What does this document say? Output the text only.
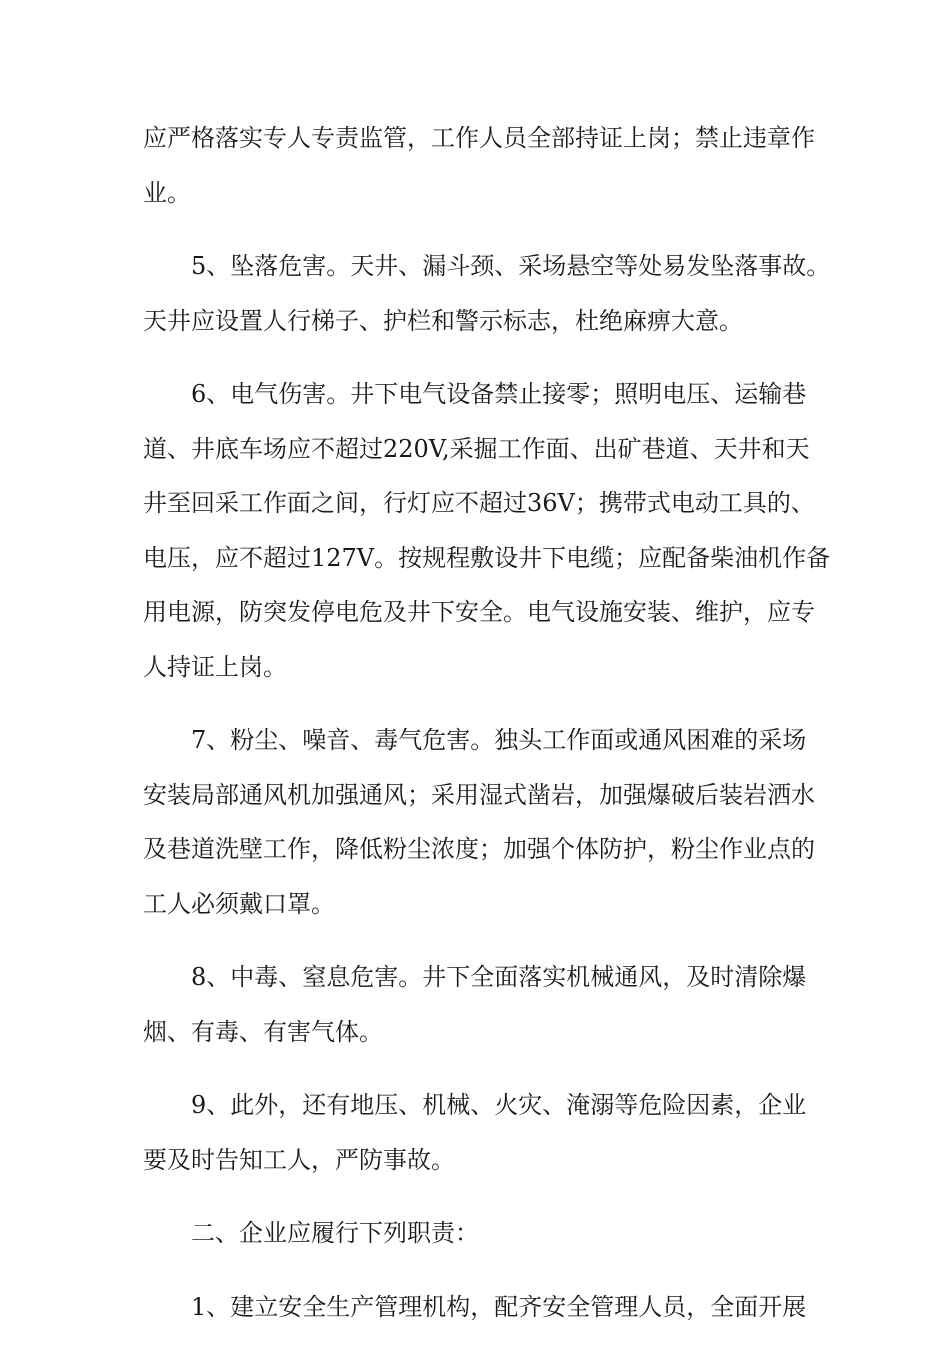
应严格落实专人专责监管，工作人员全部持证上岗；禁止违章作
业。

5、坠落危害。天井、漏斗颈、采场悬空等处易发坠落事故。
天井应设置人行梯子、护栏和警示标志，杜绝麻痹大意。

6、电气伤害。井下电气设备禁止接零；照明电压、运输巷
道、井底车场应不超过220V,采掘工作面、出矿巷道、天井和天
井至回采工作面之间，行灯应不超过36V；携带式电动工具的、
电压，应不超过127V。按规程敷设井下电缆；应配备柴油机作备
用电源，防突发停电危及井下安全。电气设施安装、维护，应专
人持证上岗。

7、粉尘、噪音、毒气危害。独头工作面或通风困难的采场
安装局部通风机加强通风；采用湿式凿岩，加强爆破后装岩洒水
及巷道洗壁工作，降低粉尘浓度；加强个体防护，粉尘作业点的
工人必须戴口罩。

8、中毒、窒息危害。井下全面落实机械通风，及时清除爆
烟、有毒、有害气体。

9、此外，还有地压、机械、火灾、淹溺等危险因素，企业
要及时告知工人，严防事故。

二、企业应履行下列职责：

1、建立安全生产管理机构，配齐安全管理人员，全面开展
